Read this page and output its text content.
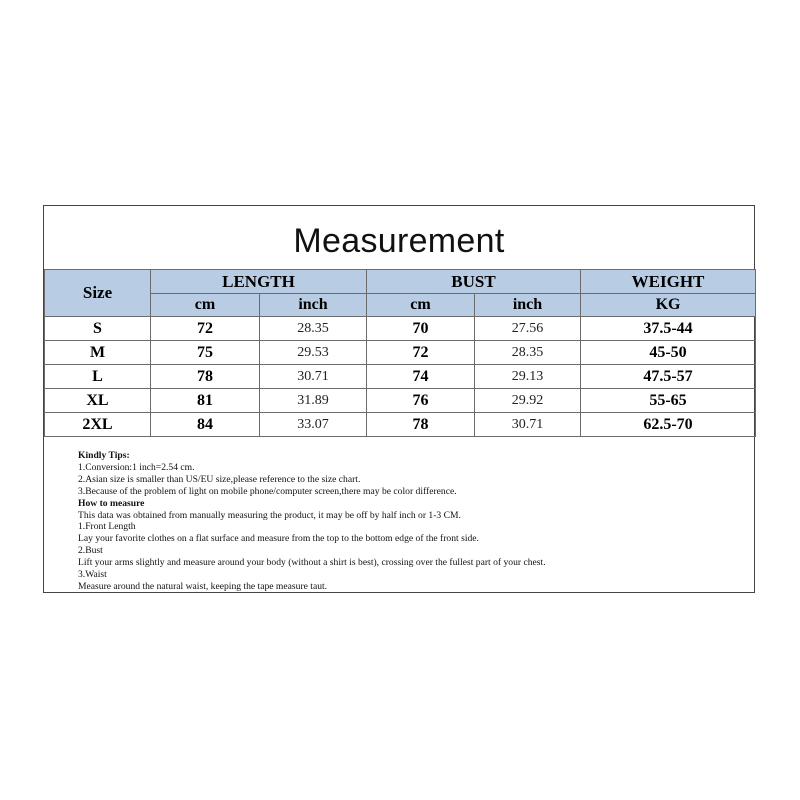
Measurement
Size	LENGTH		BUST		WEIGHT
	cm	inch	cm	inch	KG
S	72	28.35	70	27.56	37.5-44
M	75	29.53	72	28.35	45-50
L	78	30.71	74	29.13	47.5-57
XL	81	31.89	76	29.92	55-65
2XL	84	33.07	78	30.71	62.5-70
Kindly Tips:
1.Conversion:1 inch=2.54 cm.
2.Asian size is smaller than US/EU size,please reference to the size chart.
3.Because of the problem of light on mobile phone/computer screen,there may be color difference.
How to measure
This data was obtained from manually measuring the product, it may be off by half inch or 1-3 CM.
1.Front Length
Lay your favorite clothes on a flat surface and measure from the top to the bottom edge of the front side.
2.Bust
Lift your arms slightly and measure around your body (without a shirt is best), crossing over the fullest part of your chest.
3.Waist
Measure around the natural waist, keeping the tape measure taut.
